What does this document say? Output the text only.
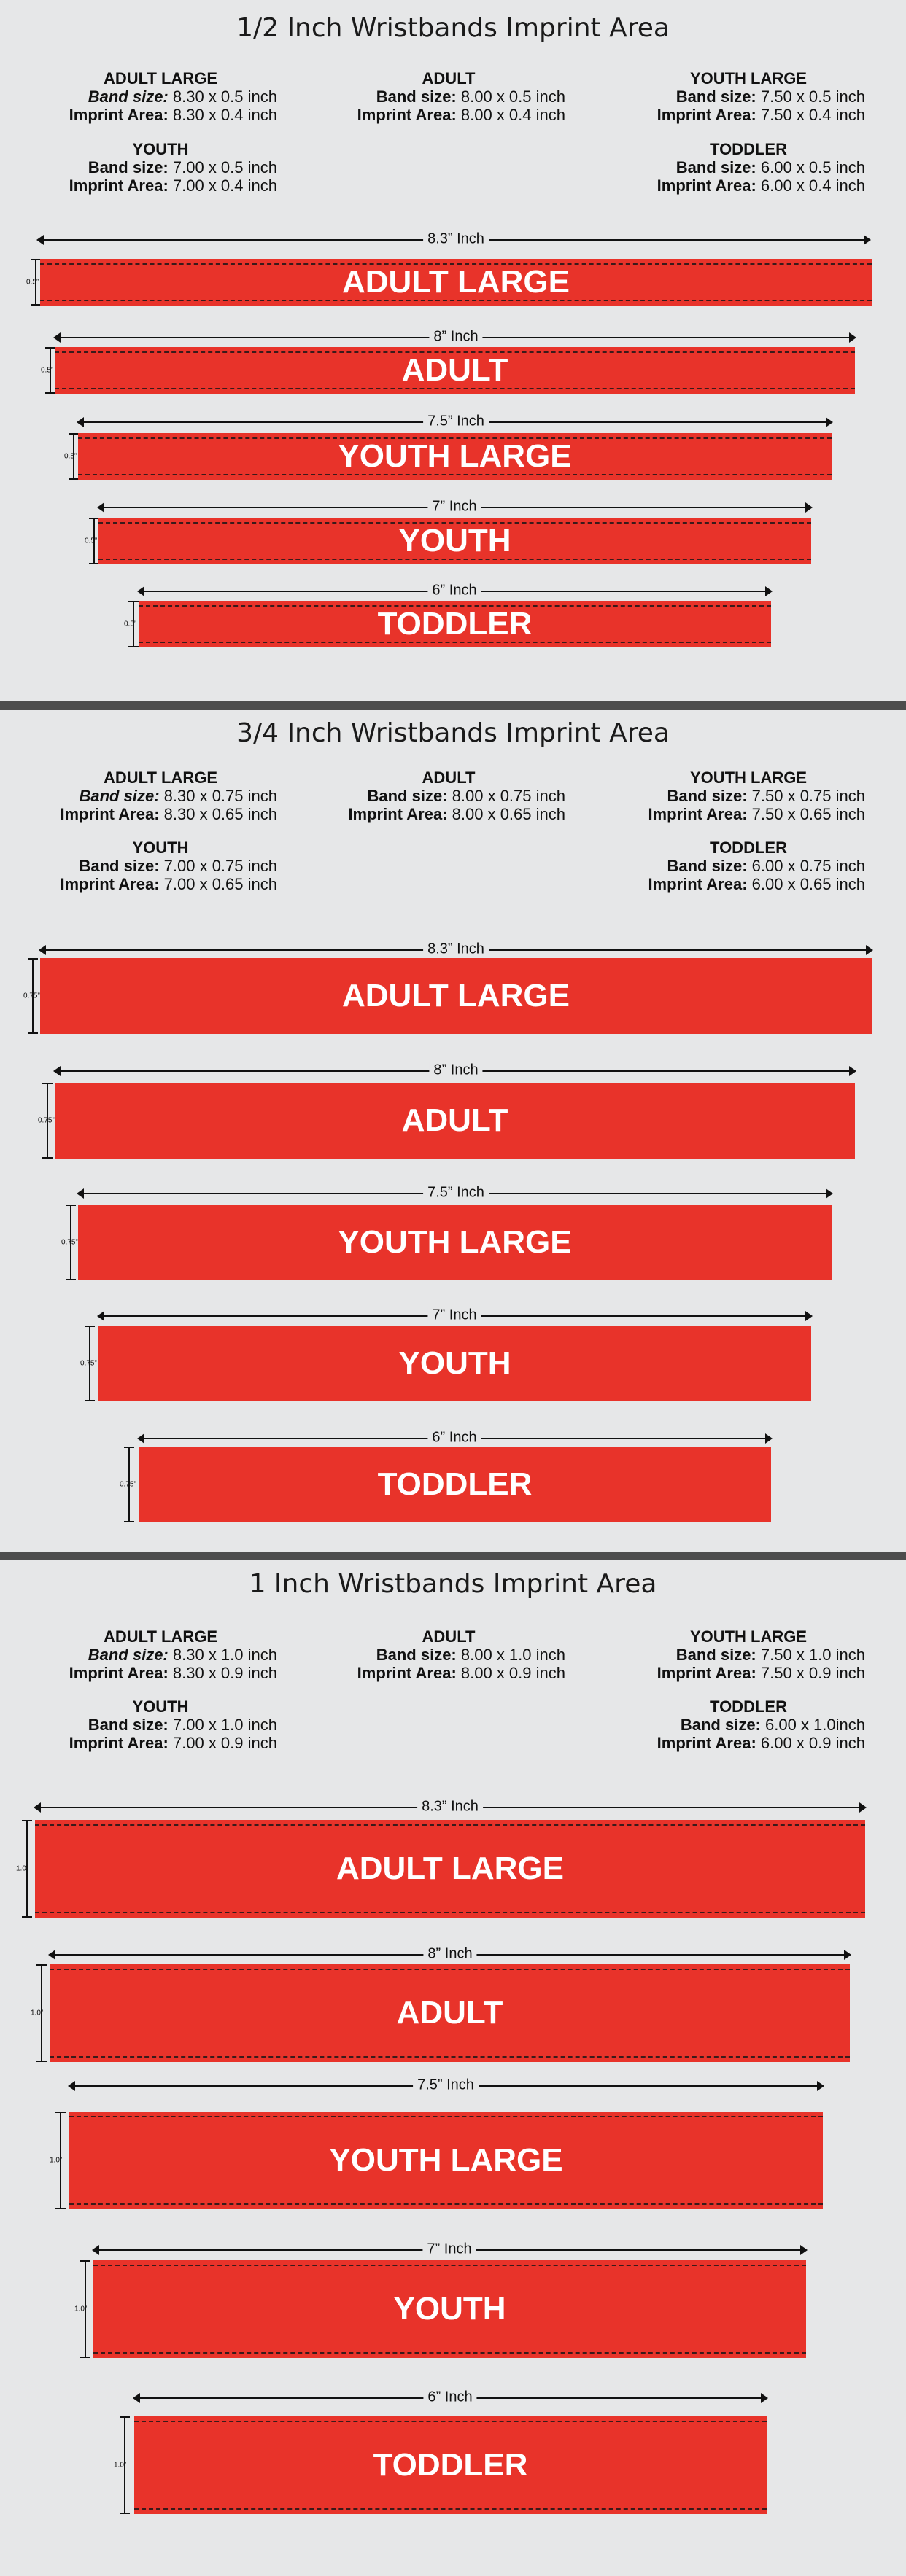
1/2 Inch Wristbands Imprint Area
ADULT LARGE
Band size: 8.30 x 0.5 inch
Imprint Area: 8.30 x 0.4 inch
ADULT
Band size: 8.00 x 0.5 inch
Imprint Area: 8.00 x 0.4 inch
YOUTH LARGE
Band size: 7.50 x 0.5 inch
Imprint Area: 7.50 x 0.4 inch
YOUTH
Band size: 7.00 x 0.5 inch
Imprint Area: 7.00 x 0.4 inch
TODDLER
Band size: 6.00 x 0.5 inch
Imprint Area: 6.00 x 0.4 inch
8.3” Inch
0.5”	ADULT LARGE
8” Inch
0.5”	ADULT
7.5” Inch
0.5”	YOUTH LARGE
7” Inch
0.5”	YOUTH
6” Inch
0.5”	TODDLER
3/4 Inch Wristbands Imprint Area
ADULT LARGE
Band size: 8.30 x 0.75 inch
Imprint Area: 8.30 x 0.65 inch
ADULT
Band size: 8.00 x 0.75 inch
Imprint Area: 8.00 x 0.65 inch
YOUTH LARGE
Band size: 7.50 x 0.75 inch
Imprint Area: 7.50 x 0.65 inch
YOUTH
Band size: 7.00 x 0.75 inch
Imprint Area: 7.00 x 0.65 inch
TODDLER
Band size: 6.00 x 0.75 inch
Imprint Area: 6.00 x 0.65 inch
8.3” Inch
0.75”	ADULT LARGE
8” Inch
0.75”	ADULT
7.5” Inch
0.75”	YOUTH LARGE
7” Inch
0.75”	YOUTH
6” Inch
0.75”	TODDLER
1 Inch Wristbands Imprint Area
ADULT LARGE
Band size: 8.30 x 1.0 inch
Imprint Area: 8.30 x 0.9 inch
ADULT
Band size: 8.00 x 1.0 inch
Imprint Area: 8.00 x 0.9 inch
YOUTH LARGE
Band size: 7.50 x 1.0 inch
Imprint Area: 7.50 x 0.9 inch
YOUTH
Band size: 7.00 x 1.0 inch
Imprint Area: 7.00 x 0.9 inch
TODDLER
Band size: 6.00 x 1.0inch
Imprint Area: 6.00 x 0.9 inch
8.3” Inch
1.0”	ADULT LARGE
8” Inch
1.0”	ADULT
7.5” Inch
1.0”	YOUTH LARGE
7” Inch
1.0”	YOUTH
6” Inch
1.0”	TODDLER
